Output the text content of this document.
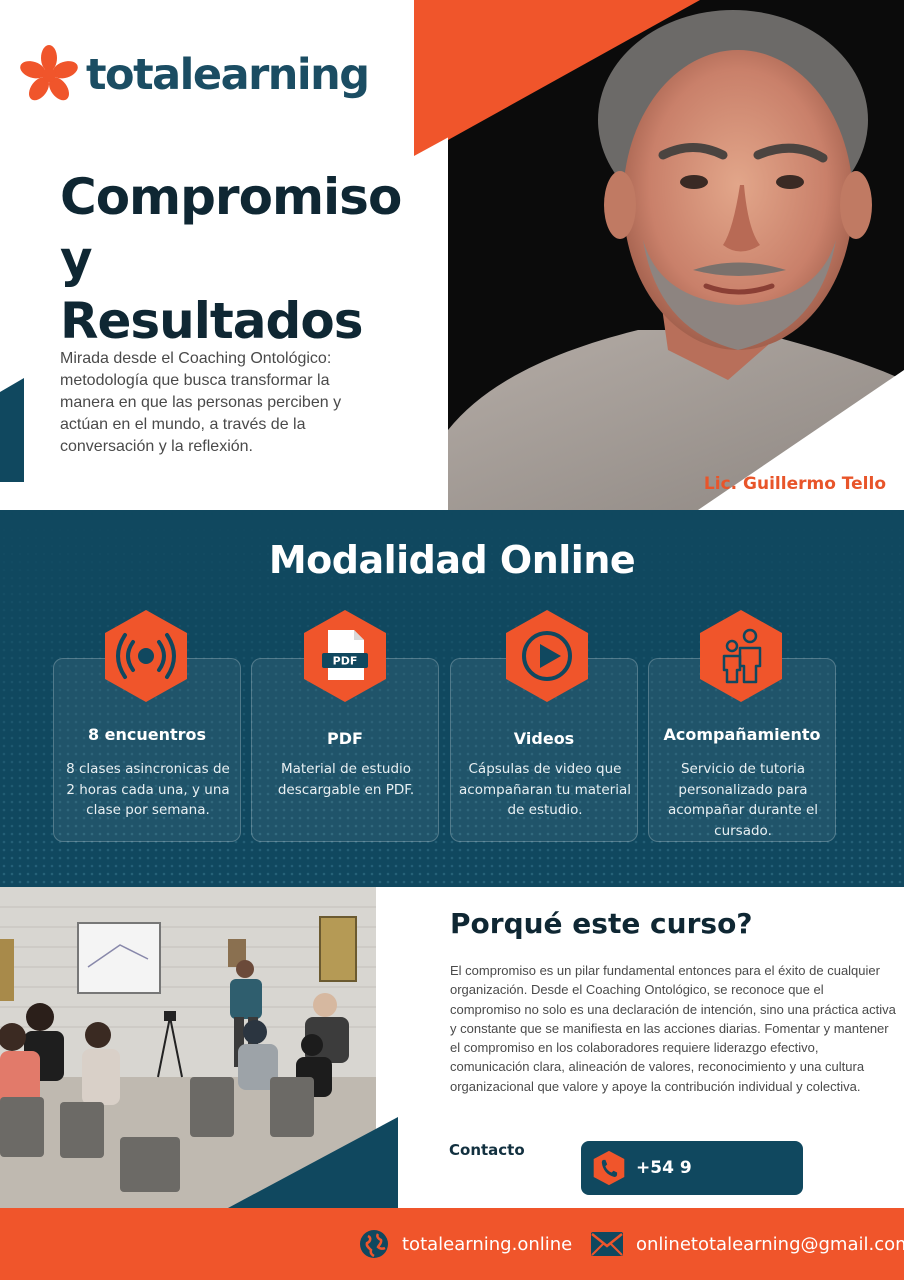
totalearning
Compromiso y
Resultados

Mirada desde el Coaching Ontológico: metodología que busca transformar la manera en que las personas perciben y actúan en el mundo, a través de la conversación y la reflexión.

Lic. Guillermo Tello
Modalidad Online
8 encuentros
8 clases asincronicas de 2 horas cada una, y una clase por semana.
PDF
Material de estudio descargable en PDF.
Videos
Cápsulas de video que acompañaran tu material de estudio.
Acompañamiento
Servicio de tutoria personalizado para acompañar durante el cursado.
PDF
Porqué este curso?

El compromiso es un pilar fundamental entonces para el éxito de cualquier organización. Desde el Coaching Ontológico, se reconoce que el compromiso no solo es una declaración de intención, sino una práctica activa y constante que se manifiesta en las acciones diarias. Fomentar y mantener el compromiso en los colaboradores requiere liderazgo efectivo, comunicación clara, alineación de valores, reconocimiento y una cultura organizacional que valore y apoye la contribución individual y colectiva.

Contacto
+54 9
totalearning.online	onlinetotalearning@gmail.com
